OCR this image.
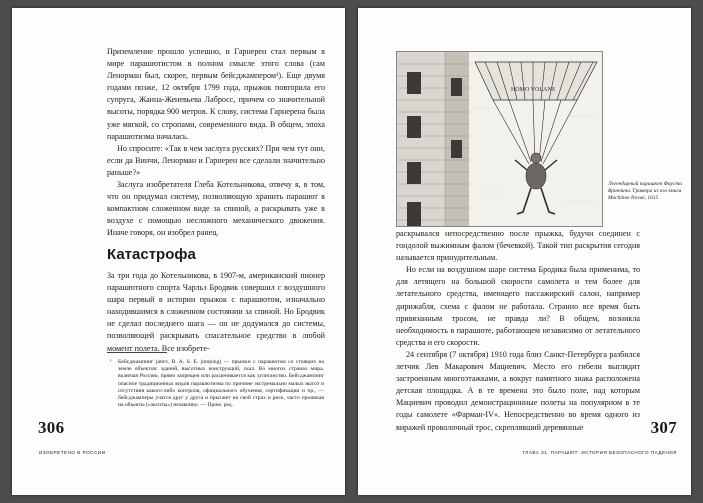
Приземление прошло успешно, и Гарнерен стал первым в мире парашютистом в полном смысле этого слова (сам Ленорман был, скорее, первым бейсджампером¹). Еще двумя годами позже, 12 октября 1799 года, прыжок повторила его супруга, Жанна-Женевьева Лабросс, причем со значительной высоты, порядка 900 метров. К слову, система Гарнерена была уже мягкой, со стропами, современного вида. В общем, эпоха парашютизма началась.

Но спросите: «Так в чем заслуга русских? При чем тут они, если да Винчи, Ленорман и Гарнерен все сделали значительно раньше?»

Заслуга изобретателя Глеба Котельникова, отвечу я, в том, что он придумал систему, позволяющую хранить парашют в компактном сложенном виде за спиной, а раскрывать уже в воздухе с помощью несложного механического движения. Иначе говоря, он изобрел ранец.

Катастрофа

За три года до Котельникова, в 1907-м, американский пионер парашютного спорта Чарльз Бродвик совершил с воздушного шара первый в истории прыжок с парашютом, изначально находившимся в сложенном состоянии за спиной. Но Бродвик не сделал последнего шага — он не додумался до системы, позволяющей раскрывать спасательное средство в любой момент полета. Все изобрете-

¹ Бейсджампинг (англ. B. A. S. E. jumping) — прыжки с парашютом со стоящих на земле объектов: зданий, высотных конструкций, скал. Во многих странах мира, включая Россию, прямо запрещен или расценивается как хулиганство. Бейсджампинг опасное традиционных видов парашютизма по причине экстремально малых высот и отсутствия какого-либо контроля, официального обучения, сертификации и пр., — бейсджамперы учатся друг у друга и прыгают на свой страх и риск, часто проникая на объекты («экситы») незаконно. — Прим. ред.
306
ИЗОБРЕТЕНО В РОССИИ
HOMO VOLANS
Легендарный парашют Фауста Вранчича. Гравюра из его книги Machinae Novae, 1615

раскрывался непосредственно после прыжка, будучи соединен с гондолой выжимным фалом (бечевкой). Такой тип раскрытия сегодня называется принудительным.

Но если на воздушном шаре система Бродика была применима, то для летящего на большой скорости самолета и тем более для летательного средства, имеющего пассажирский салон, например дирижабля, схема с фалом не работала. Странно все время быть привязанным тросом, не правда ли? В общем, возникла необходимость в парашюте, работающем независимо от летательного средства и его скорости.

24 сентября (7 октября) 1910 года близ Санкт-Петербурга разбился летчик Лев Макарович Мациевич. Место его гибели выглядит застроенным многоэтажками, а вокруг памятного знака расположена детская площадка. А в те времена это было поле, над которым Мациевич проводил демонстрационные полеты на популярном в те годы самолете «Фарман-IV». Непосредственно во время одного из виражей проволочный трос, скреплявший деревянные	307
ГЛАВА 31. ПАРАШЮТ: ИСТОРИЯ БЕЗОПАСНОГО ПАДЕНИЯ
